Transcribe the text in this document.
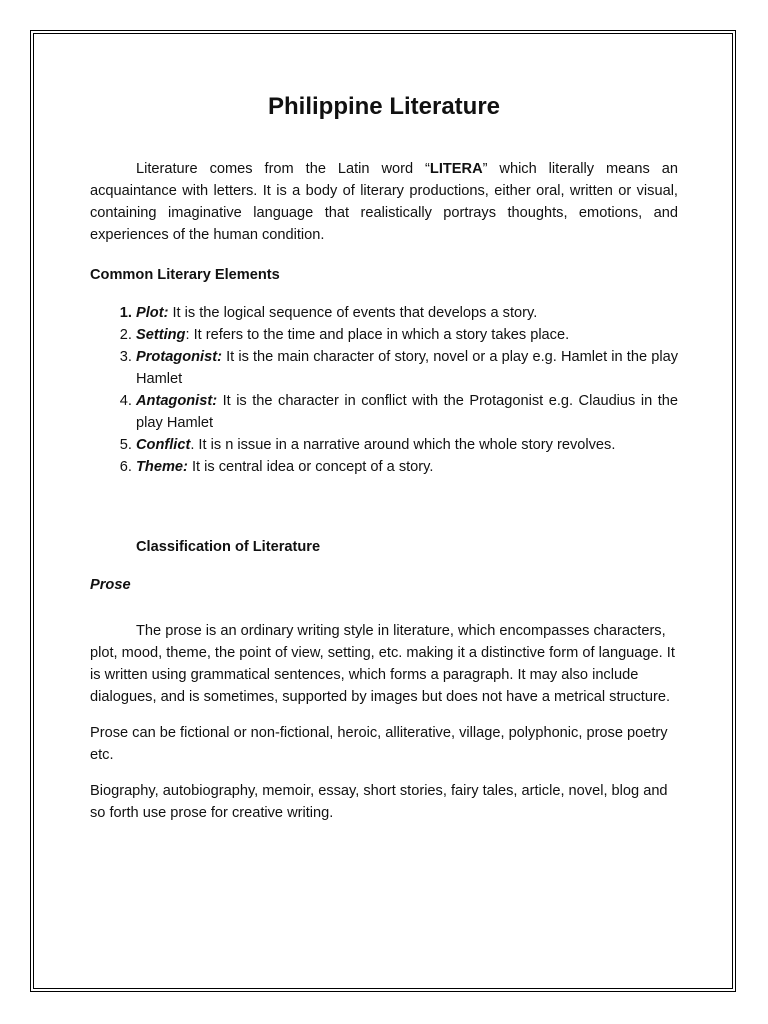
Philippine Literature

Literature comes from the Latin word “LITERA” which literally means an acquaintance with letters. It is a body of literary productions, either oral, written or visual, containing imaginative language that realistically portrays thoughts, emotions, and experiences of the human condition.

Common Literary Elements
1. Plot: It is the logical sequence of events that develops a story.
2. Setting: It refers to the time and place in which a story takes place.
3. Protagonist: It is the main character of story, novel or a play e.g. Hamlet in the play Hamlet
4. Antagonist: It is the character in conflict with the Protagonist e.g. Claudius in the play Hamlet
5. Conflict. It is n issue in a narrative around which the whole story revolves.
6. Theme: It is central idea or concept of a story.
Classification of Literature
Prose

The prose is an ordinary writing style in literature, which encompasses characters, plot, mood, theme, the point of view, setting, etc. making it a distinctive form of language. It is written using grammatical sentences, which forms a paragraph. It may also include dialogues, and is sometimes, supported by images but does not have a metrical structure.

Prose can be fictional or non-fictional, heroic, alliterative, village, polyphonic, prose poetry etc.

Biography, autobiography, memoir, essay, short stories, fairy tales, article, novel, blog and so forth use prose for creative writing.
